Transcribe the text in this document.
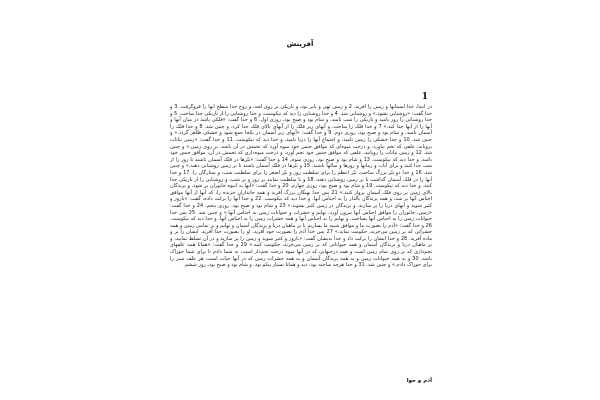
آفرینش
1
در ابتدا، خدا آسمانها و زمین را آفرید. 2 و زمین تهی و بایر بود، و تاریکی بر روی لجه، و روح خدا سطح آبها را فروگرفت. 3 و خدا گفت: «روشنایی بشود.» و روشنایی شد. 4 و خدا روشنایی را دید که نیکوست، و خدا روشنایی را از تاریکی جدا ساخت. 5 و خدا روشنایی را روز نامید و تاریکی را شب نامید. و شام بود و صبح بود، روزی اول. 6 و خدا گفت: «فلکی باشد در میان آبها و آبها را از آبها جدا کند.» 7 و خدا فلک را ساخت، و آبهای زیر فلک را از آبهای بالای فلک جدا کرد. و چنین شد. 8 و خدا فلک را آسمان نامید. و شام بود و صبح بود، روزی دوم. 9 و خدا گفت: «آبهای زیر آسمان در یکجا جمع شود و خشکی ظاهر گردد.» و چنین شد. 10 و خدا خشکی را زمین نامید، و اجتماع آبها را دریا نامید. و خدا دید که نیکوست. 11 و خدا گفت: «زمین نباتات برویاند، علفی که تخم بیاورد، و درخت میوه‌ای که موافق جنس خود میوه آورد که تخمش در آن باشد، بر روی زمین.» و چنین شد. 12 و زمین نباتات را رویانید، علفی که موافق جنس خود تخم آورد، و درخت میوه‌داری که تخمش در آن، موافق جنس خود باشد. و خدا دید که نیکوست. 13 و شام بود و صبح بود، روزی سوم. 14 و خدا گفت: «نیّرها در فلک آسمان باشند تا روز را از شب جدا کنند و برای آیات و زمانها و روزها و سالها باشند. 15 و نیّرها در فلک آسمان باشند تا بر زمین روشنایی دهند.» و چنین شد. 16 و خدا دو نیّر بزرگ ساخت، نیّر اعظم را برای سلطنت روز و نیّر اصغر را برای سلطنت شب، و ستارگان را. 17 و خدا آنها را در فلک آسمان گذاشت تا بر زمین روشنایی دهند، 18 و تا سلطنت نمایند بر روز و بر شب، و روشنایی را از تاریکی جدا کنند. و خدا دید که نیکوست. 19 و شام بود و صبح بود، روزی چهارم. 20 و خدا گفت: «آبها به انبوه جانوران پر شود، و پرندگان بالای زمین بر روی فلک آسمان پرواز کنند.» 21 پس خدا نهنگان بزرگ آفرید و همه جانداران خزنده را، که آبها از آنها موافق اجناس آنها پر شد، و همه پرندگان بالدار را به اجناس آنها. و خدا دید که نیکوست. 22 و خدا آنها را برکت داده، گفت: «بارور و کثیر شوید و آبهای دریا را پر سازید، و پرندگان در زمین کثیر بشوند.» 23 و شام بود و صبح بود، روزی پنجم. 24 و خدا گفت: «زمین، جانوران را موافق اجناس آنها بیرون آورد، بهایم و حشرات و حیوانات زمین به اجناس آنها.» و چنین شد. 25 پس خدا حیوانات زمین را به اجناس آنها بساخت، و بهایم را به اجناس آنها و همه حشرات زمین را به اجناس آنها. و خدا دید که نیکوست. 26 و خدا گفت: «آدم را بصورت ما و موافق شبیه ما بسازیم تا بر ماهیان دریا و پرندگان آسمان و بهایم و بر تمامی زمین و همه حشراتی که بر زمین می‌خزند، حکومت نماید.» 27 پس خدا آدم را بصورت خود آفرید. او را بصورت خدا آفرید. ایشان را نر و ماده آفرید. 28 و خدا ایشان را برکت داد و خدا بدیشان گفت: «بارور و کثیر شوید و زمین را پر سازید و در آن تسلط نمایید، و بر ماهیان دریا و پرندگان آسمان و همه حیواناتی که بر زمین می‌خزند، حکومت کنید.» 29 و خدا گفت: «همانا همه علفهای تخم‌داری که بر روی تمام زمین است و همه درختهایی که در آنها میوه درخت تخم‌دار است، به شما دادم تا برای شما خوراک باشد. 30 و به همه حیوانات زمین و به همه پرندگان آسمان و به همه حشرات زمین که در آنها حیات است، هر علف سبز را برای خوراک دادم.» و چنین شد. 31 و خدا هرچه ساخته بود، دید و همانا بسیار نیکو بود. و شام بود و صبح بود، روز ششم.
آدم و حوا
